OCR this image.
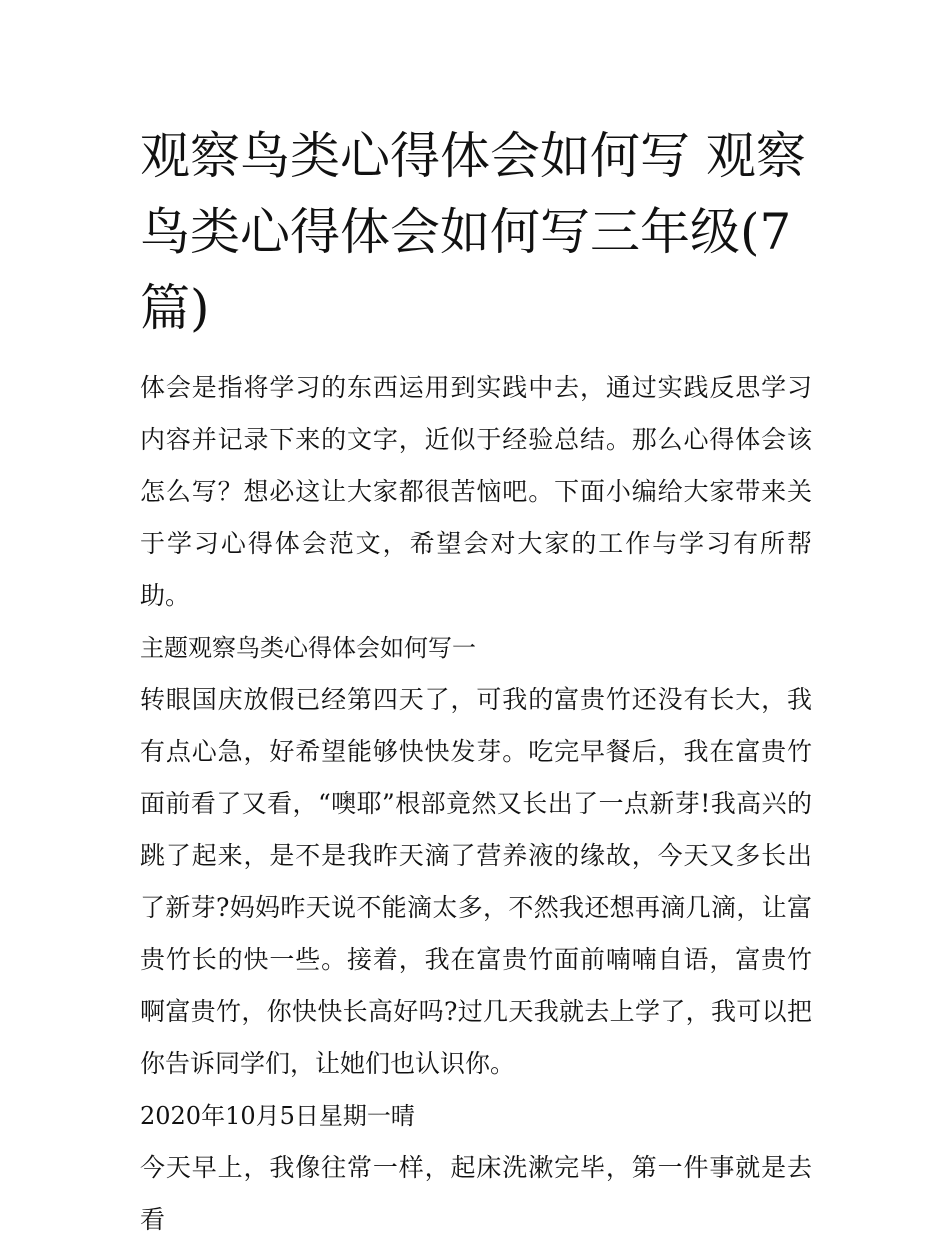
观察鸟类心得体会如何写 观察鸟类心得体会如何写三年级(7篇)

体会是指将学习的东西运用到实践中去，通过实践反思学习内容并记录下来的文字，近似于经验总结。那么心得体会该怎么写？想必这让大家都很苦恼吧。下面小编给大家带来关于学习心得体会范文，希望会对大家的工作与学习有所帮助。

主题观察鸟类心得体会如何写一

转眼国庆放假已经第四天了，可我的富贵竹还没有长大，我有点心急，好希望能够快快发芽。吃完早餐后，我在富贵竹面前看了又看，“噢耶”根部竟然又长出了一点新芽!我高兴的跳了起来，是不是我昨天滴了营养液的缘故，今天又多长出了新芽?妈妈昨天说不能滴太多，不然我还想再滴几滴，让富贵竹长的快一些。接着，我在富贵竹面前喃喃自语，富贵竹啊富贵竹，你快快长高好吗?过几天我就去上学了，我可以把你告诉同学们，让她们也认识你。

2020年10月5日星期一晴

今天早上，我像往常一样，起床洗漱完毕，第一件事就是去看
